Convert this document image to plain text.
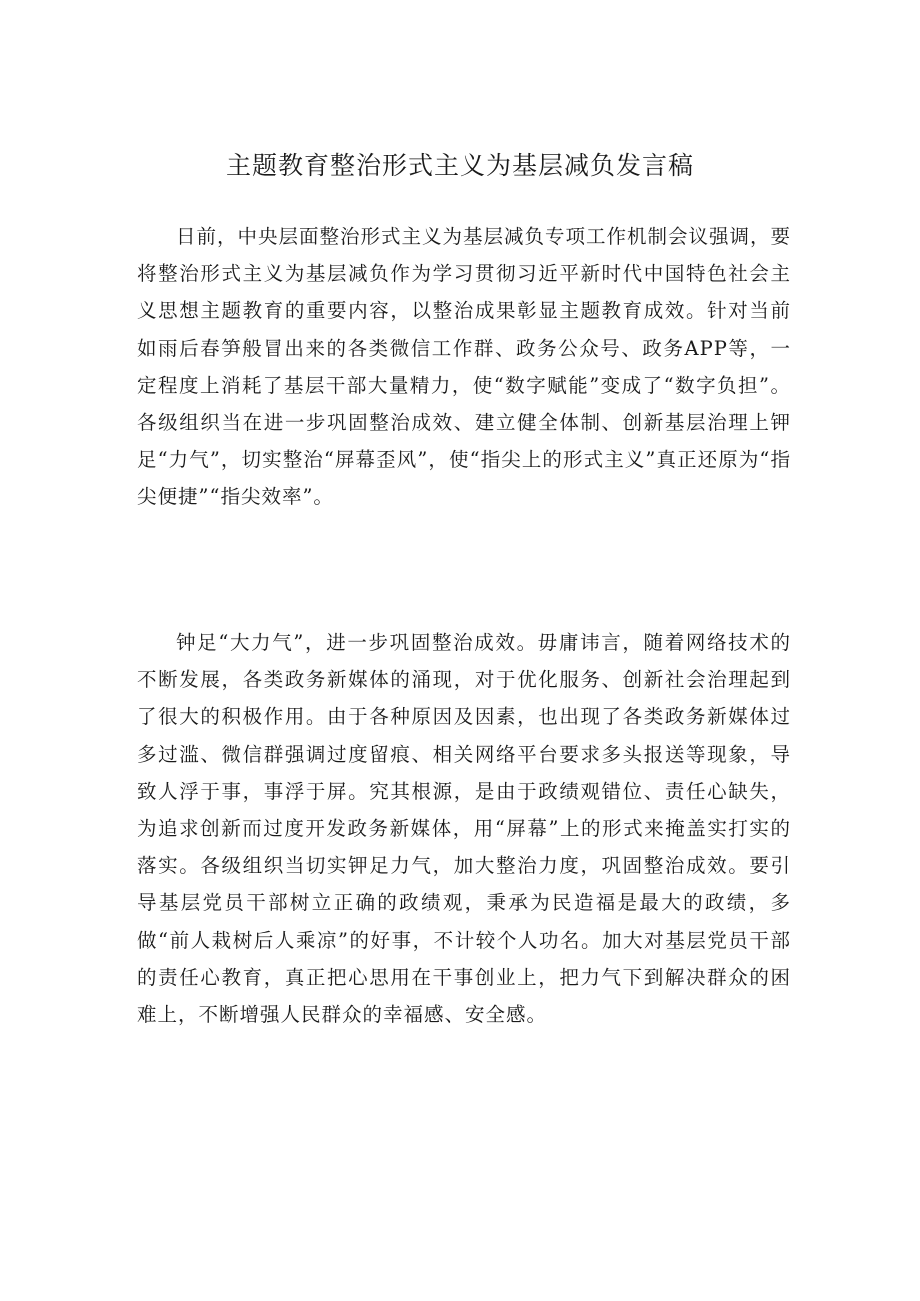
主题教育整治形式主义为基层减负发言稿

日前，中央层面整治形式主义为基层减负专项工作机制会议强调，要将整治形式主义为基层减负作为学习贯彻习近平新时代中国特色社会主义思想主题教育的重要内容，以整治成果彰显主题教育成效。针对当前如雨后春笋般冒出来的各类微信工作群、政务公众号、政务APP等，一定程度上消耗了基层干部大量精力，使“数字赋能”变成了“数字负担”。各级组织当在进一步巩固整治成效、建立健全体制、创新基层治理上钾足“力气”，切实整治“屏幕歪风”，使“指尖上的形式主义”真正还原为“指尖便捷”“指尖效率”。

钟足“大力气”，进一步巩固整治成效。毋庸讳言，随着网络技术的不断发展，各类政务新媒体的涌现，对于优化服务、创新社会治理起到了很大的积极作用。由于各种原因及因素，也出现了各类政务新媒体过多过滥、微信群强调过度留痕、相关网络平台要求多头报送等现象，导致人浮于事，事浮于屏。究其根源，是由于政绩观错位、责任心缺失，为追求创新而过度开发政务新媒体，用“屏幕”上的形式来掩盖实打实的落实。各级组织当切实钾足力气，加大整治力度，巩固整治成效。要引导基层党员干部树立正确的政绩观，秉承为民造福是最大的政绩，多做“前人栽树后人乘凉”的好事，不计较个人功名。加大对基层党员干部的责任心教育，真正把心思用在干事创业上，把力气下到解决群众的困难上，不断增强人民群众的幸福感、安全感。
